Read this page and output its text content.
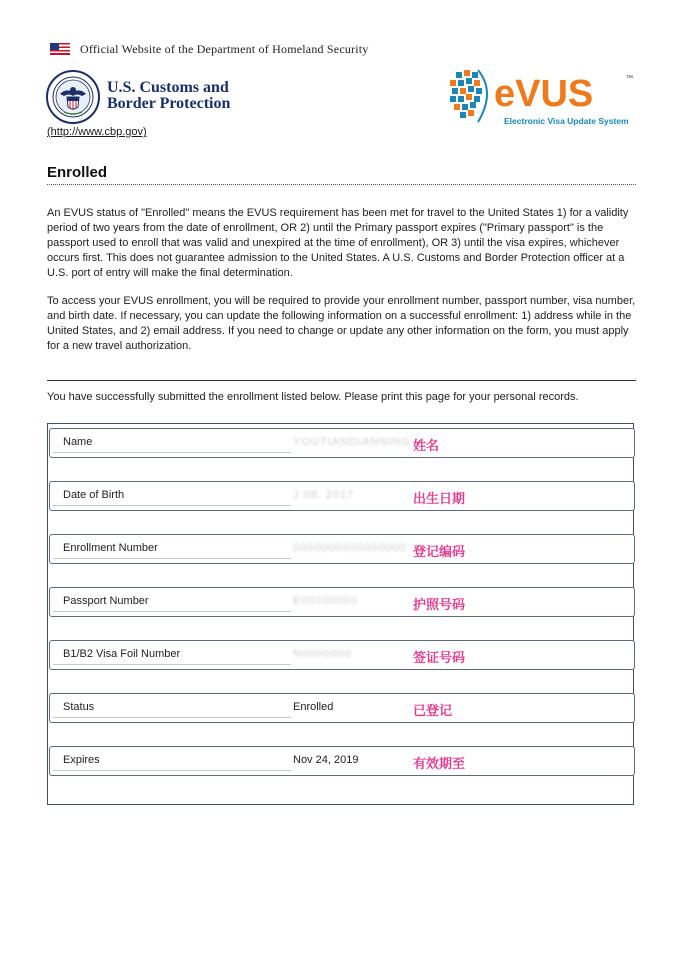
Official Website of the Department of Homeland Security
U.S. Customs and
Border Protection
(http://www.cbp.gov)
eVUS	™
Electronic Visa Update System
Enrolled
An EVUS status of "Enrolled" means the EVUS requirement has been met for travel to the United States 1) for a validity period of two years from the date of enrollment, OR 2) until the Primary passport expires ("Primary passport" is the passport used to enroll that was valid and unexpired at the time of enrollment), OR 3) until the visa expires, whichever occurs first. This does not guarantee admission to the United States. A U.S. Customs and Border Protection officer at a U.S. port of entry will make the final determination.
To access your EVUS enrollment, you will be required to provide your enrollment number, passport number, visa number, and birth date. If necessary, you can update the following information on a successful enrollment: 1) address while in the United States, and 2) email address. If you need to change or update any other information on the form, you must apply for a new travel authorization.
You have successfully submitted the enrollment listed below. Please print this page for your personal records.
Name	YOUTIANDIANNING 姓名
Date of Birth	J 08, 2017	出生日期
Enrollment Number	0000000000000000 登记编码
Passport Number	E00000000	护照号码
B1/B2 Visa Foil Number	N0000000	签证号码
Status	Enrolled	已登记
Expires	Nov 24, 2019	有效期至
